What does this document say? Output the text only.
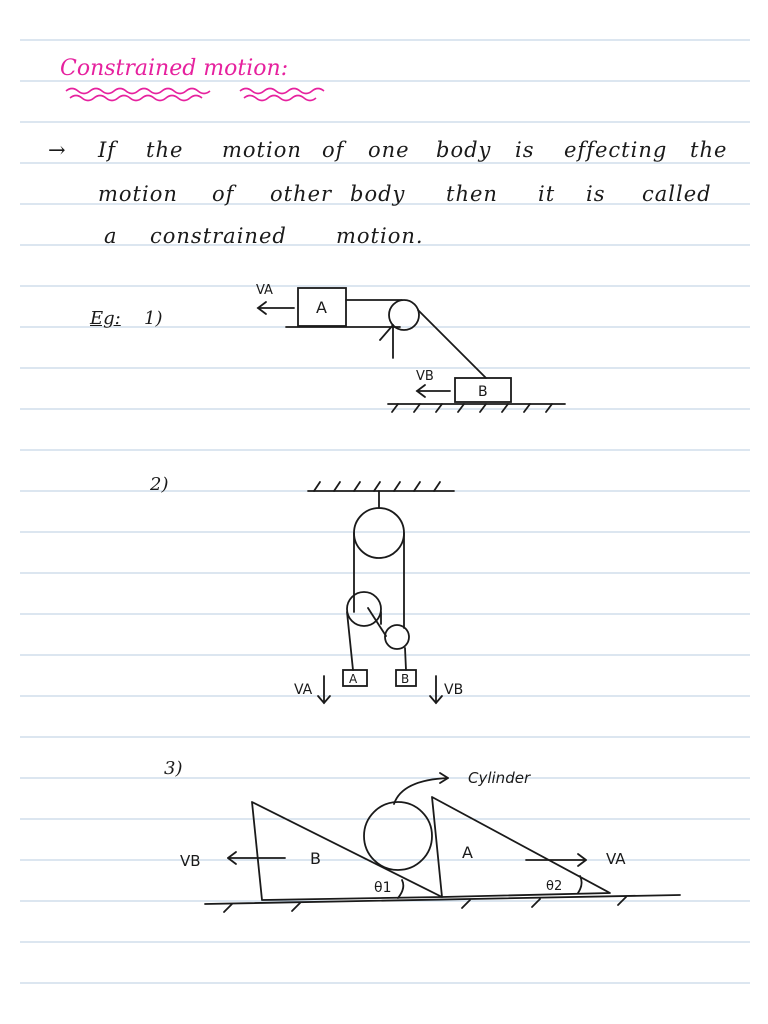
Constrained motion:
→ If the motion of one body is effecting the
motion of other body then it is called
a constrained motion.
Eg: 1)
A
B
VA
VB
2)
A	B
VA	VB
3)	Cylinder
B	A
VB	VA
θ1	θ2
